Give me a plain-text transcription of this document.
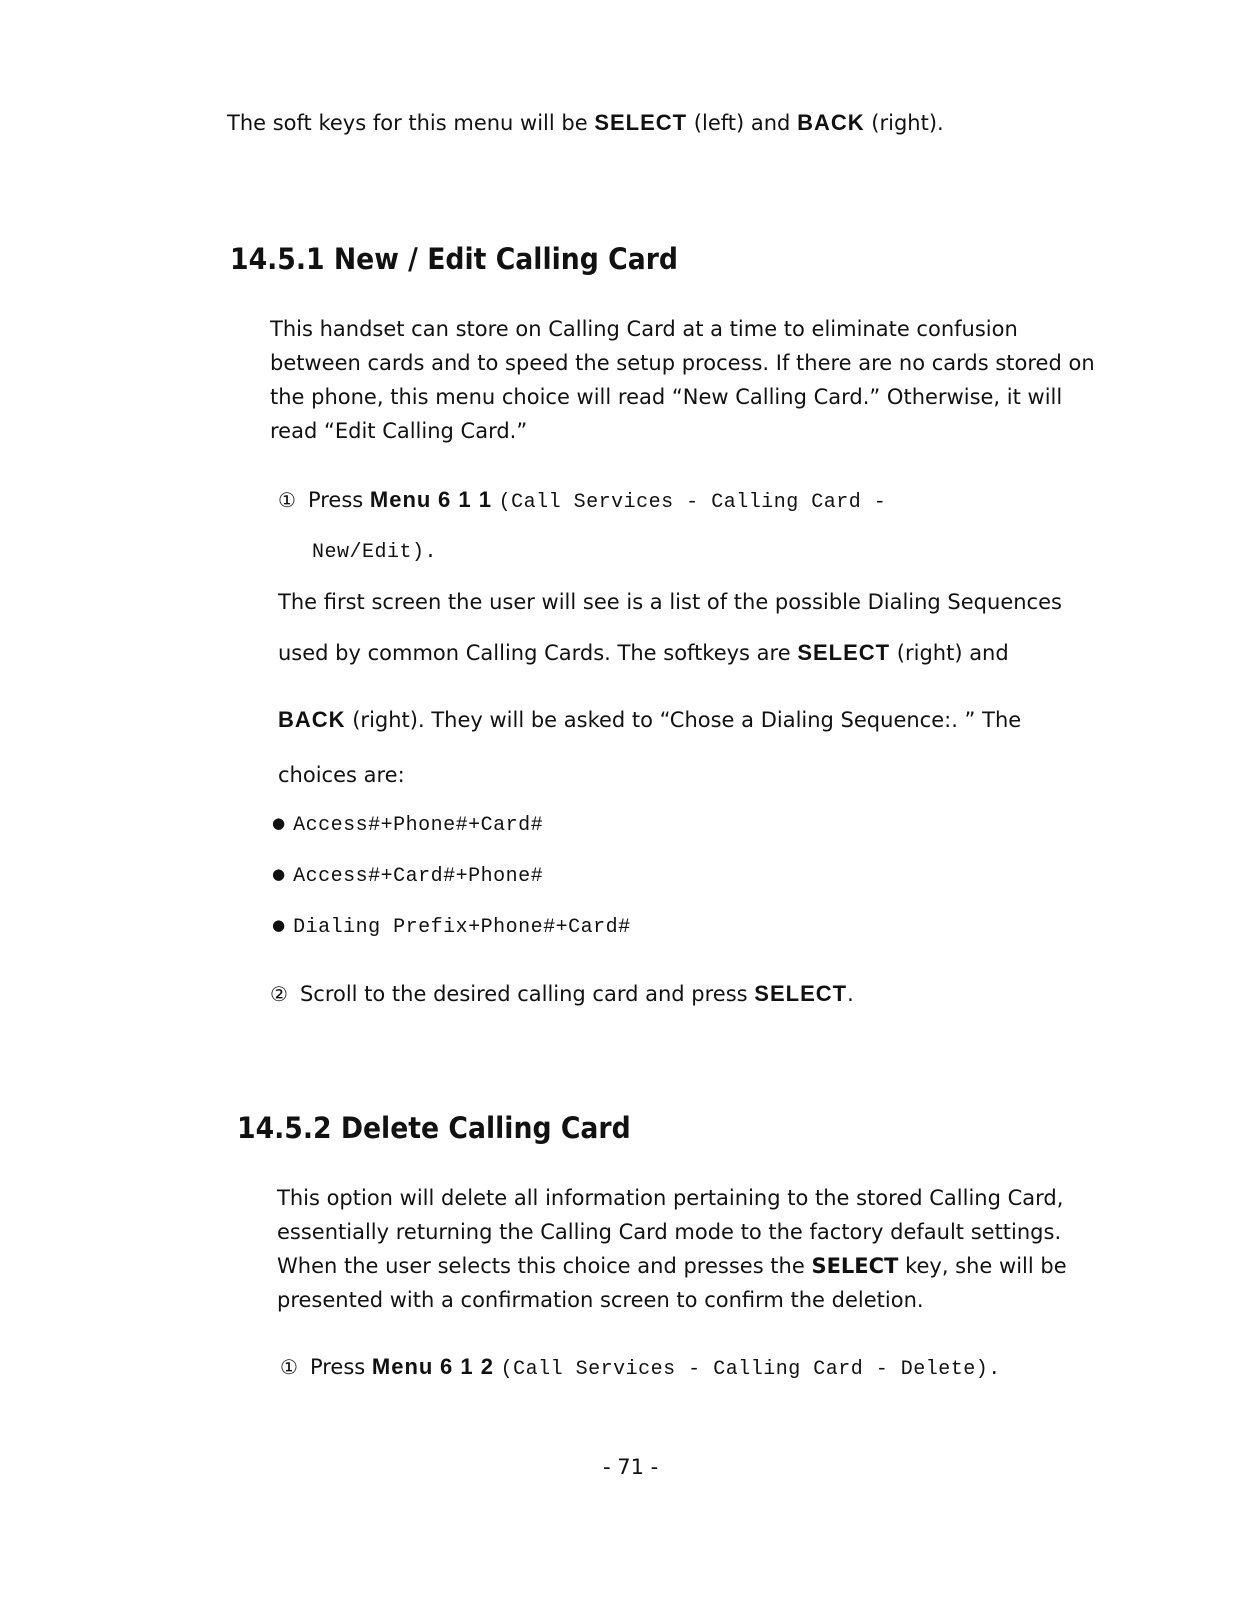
The soft keys for this menu will be SELECT (left) and BACK (right).
14.5.1 New / Edit Calling Card
This handset can store on Calling Card at a time to eliminate confusion
between cards and to speed the setup process. If there are no cards stored on
the phone, this menu choice will read “New Calling Card.” Otherwise, it will
read “Edit Calling Card.”
① Press Menu 6 1 1 (Call Services - Calling Card -
New/Edit).
The first screen the user will see is a list of the possible Dialing Sequences
used by common Calling Cards. The softkeys are SELECT (right) and
BACK (right). They will be asked to “Chose a Dialing Sequence:. ” The
choices are:
● Access#+Phone#+Card#
● Access#+Card#+Phone#
● Dialing Prefix+Phone#+Card#
② Scroll to the desired calling card and press SELECT.
14.5.2 Delete Calling Card
This option will delete all information pertaining to the stored Calling Card,
essentially returning the Calling Card mode to the factory default settings.
When the user selects this choice and presses the SELECT key, she will be
presented with a confirmation screen to confirm the deletion.
① Press Menu 6 1 2 (Call Services - Calling Card - Delete).
- 71 -
